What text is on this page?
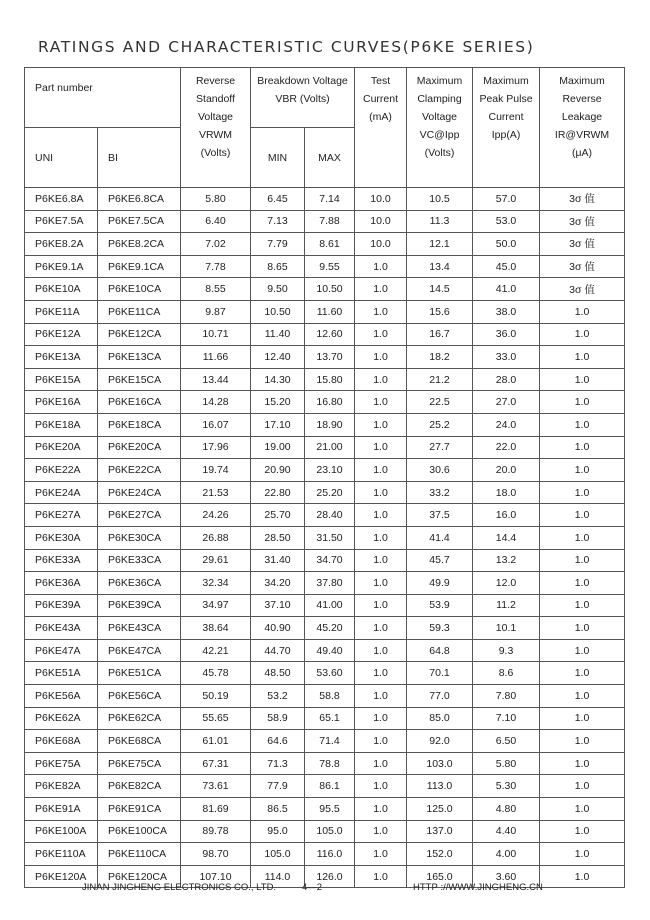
RATINGS AND CHARACTERISTIC CURVES(P6KE SERIES)
Part number		Reverse
Standoff
Voltage
VRWM
(Volts)	Breakdown Voltage
VBR (Volts)		Test
Current
(mA)	Maximum
Clamping
Voltage
VC@Ipp
(Volts)	Maximum
Peak Pulse
Current
Ipp(A)	Maximum
Reverse
Leakage
IR@VRWM
(μA)

UNI	BI		MIN	MAX				
P6KE6.8A	P6KE6.8CA	5.80	6.45	7.14	10.0	10.5	57.0	3σ 值
P6KE7.5A	P6KE7.5CA	6.40	7.13	7.88	10.0	11.3	53.0	3σ 值
P6KE8.2A	P6KE8.2CA	7.02	7.79	8.61	10.0	12.1	50.0	3σ 值
P6KE9.1A	P6KE9.1CA	7.78	8.65	9.55	1.0	13.4	45.0	3σ 值
P6KE10A	P6KE10CA	8.55	9.50	10.50	1.0	14.5	41.0	3σ 值
P6KE11A	P6KE11CA	9.87	10.50	11.60	1.0	15.6	38.0	1.0
P6KE12A	P6KE12CA	10.71	11.40	12.60	1.0	16.7	36.0	1.0
P6KE13A	P6KE13CA	11.66	12.40	13.70	1.0	18.2	33.0	1.0
P6KE15A	P6KE15CA	13.44	14.30	15.80	1.0	21.2	28.0	1.0
P6KE16A	P6KE16CA	14.28	15.20	16.80	1.0	22.5	27.0	1.0
P6KE18A	P6KE18CA	16.07	17.10	18.90	1.0	25.2	24.0	1.0
P6KE20A	P6KE20CA	17.96	19.00	21.00	1.0	27.7	22.0	1.0
P6KE22A	P6KE22CA	19.74	20.90	23.10	1.0	30.6	20.0	1.0
P6KE24A	P6KE24CA	21.53	22.80	25.20	1.0	33.2	18.0	1.0
P6KE27A	P6KE27CA	24.26	25.70	28.40	1.0	37.5	16.0	1.0
P6KE30A	P6KE30CA	26.88	28.50	31.50	1.0	41.4	14.4	1.0
P6KE33A	P6KE33CA	29.61	31.40	34.70	1.0	45.7	13.2	1.0
P6KE36A	P6KE36CA	32.34	34.20	37.80	1.0	49.9	12.0	1.0
P6KE39A	P6KE39CA	34.97	37.10	41.00	1.0	53.9	11.2	1.0
P6KE43A	P6KE43CA	38.64	40.90	45.20	1.0	59.3	10.1	1.0
P6KE47A	P6KE47CA	42.21	44.70	49.40	1.0	64.8	9.3	1.0
P6KE51A	P6KE51CA	45.78	48.50	53.60	1.0	70.1	8.6	1.0
P6KE56A	P6KE56CA	50.19	53.2	58.8	1.0	77.0	7.80	1.0
P6KE62A	P6KE62CA	55.65	58.9	65.1	1.0	85.0	7.10	1.0
P6KE68A	P6KE68CA	61.01	64.6	71.4	1.0	92.0	6.50	1.0
P6KE75A	P6KE75CA	67.31	71.3	78.8	1.0	103.0	5.80	1.0
P6KE82A	P6KE82CA	73.61	77.9	86.1	1.0	113.0	5.30	1.0
P6KE91A	P6KE91CA	81.69	86.5	95.5	1.0	125.0	4.80	1.0
P6KE100A	P6KE100CA	89.78	95.0	105.0	1.0	137.0	4.40	1.0
P6KE110A	P6KE110CA	98.70	105.0	116.0	1.0	152.0	4.00	1.0
P6KE120A	P6KE120CA	107.10	114.0	126.0	1.0	165.0	3.60	1.0
JINAN JINGHENG ELECTRONICS CO., LTD.	4—2	HTTP ://WWW.JINGHENG.CN
